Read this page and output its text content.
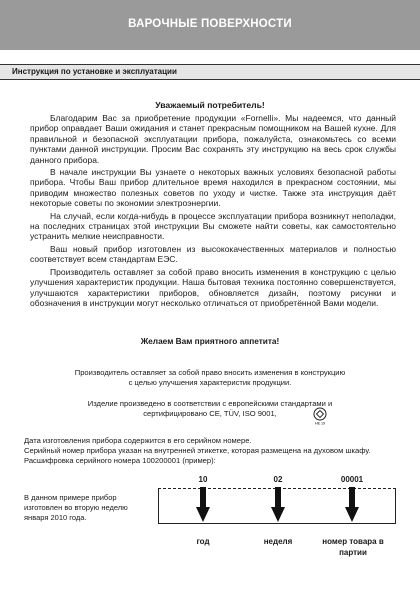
ВАРОЧНЫЕ ПОВЕРХНОСТИ
Инструкция по установке и эксплуатации
Уважаемый потребитель!

Благодарим Вас за приобретение продукции «Fornelli». Мы надеемся, что данный прибор оправдает Ваши ожидания и станет прекрасным помощником на Вашей кухне. Для правильной и безопасной эксплуатации прибора, пожалуйста, ознакомьтесь со всеми пунктами данной инструкции. Просим Вас сохранять эту инструкцию на весь срок службы данного прибора.

В начале инструкции Вы узнаете о некоторых важных условиях безопасной работы прибора. Чтобы Ваш прибор длительное время находился в прекрасном состоянии, мы приводим множество полезных советов по уходу и чистке. Также эта инструкция даёт некоторые советы по экономии электроэнергии.

На случай, если когда-нибудь в процессе эксплуатации прибора возникнут неполадки, на последних страницах этой инструкции Вы сможете найти советы, как самостоятельно устранить мелкие неисправности.

Ваш новый прибор изготовлен из высококачественных материалов и полностью соответствует всем стандартам ЕЭС.

Производитель оставляет за собой право вносить изменения в конструкцию с целью улучшения характеристик продукции. Наша бытовая техника постоянно совершенствуется, улучшаются характеристики приборов, обновляется дизайн, поэтому рисунки и обозначения в инструкции могут несколько отличаться от приобретённой Вами модели.

Желаем Вам приятного аппетита!
Производитель оставляет за собой право вносить изменения в конструкцию
с целью улучшения характеристик продукции.
Изделие произведено в соответствии с европейскими стандартами и
сертифицировано CE, TÜV, ISO 9001,
HE 19
Дата изготовления прибора содержится в его серийном номере.
Серийный номер прибора указан на внутренней этикетке, которая размещена на духовом шкафу. Расшифровка серийного номера 100200001 (пример):
В данном примере прибор изготовлен во вторую неделю января 2010 года.
10	02	00001
год	неделя	номер товара в партии
